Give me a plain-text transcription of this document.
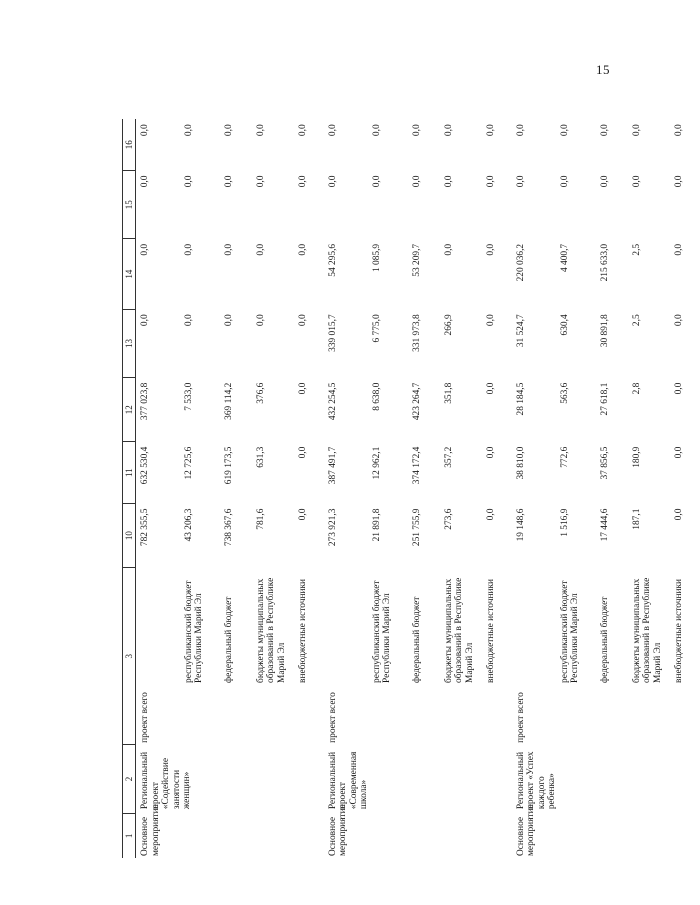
15
1	2	3		10	11	12	13	14	15	16
Основное мероприятие	Региональный проект «Содействие занятости женщин»	проект всего		782 355,5	632 530,4	377 023,8	0,0	0,0	0,0	0,0
			республиканский бюджет Республики Марий Эл	43 206,3	12 725,6	7 533,0	0,0	0,0	0,0	0,0
			федеральный бюджет	738 367,6	619 173,5	369 114,2	0,0	0,0	0,0	0,0
			бюджеты муниципальных образований в Республике Марий Эл	781,6	631,3	376,6	0,0	0,0	0,0	0,0
			внебюджетные источники	0,0	0,0	0,0	0,0	0,0	0,0	0,0
Основное мероприятие	Региональный проект «Современная школа»	проект всего		273 921,3	387 491,7	432 254,5	339 015,7	54 295,6	0,0	0,0
			республиканский бюджет Республики Марий Эл	21 891,8	12 962,1	8 638,0	6 775,0	1 085,9	0,0	0,0
			федеральный бюджет	251 755,9	374 172,4	423 264,7	331 973,8	53 209,7	0,0	0,0
			бюджеты муниципальных образований в Республике Марий Эл	273,6	357,2	351,8	266,9	0,0	0,0	0,0
			внебюджетные источники	0,0	0,0	0,0	0,0	0,0	0,0	0,0
Основное мероприятие	Региональный проект «Успех каждого ребенка»	проект всего		19 148,6	38 810,0	28 184,5	31 524,7	220 036,2	0,0	0,0
			республиканский бюджет Республики Марий Эл	1 516,9	772,6	563,6	630,4	4 400,7	0,0	0,0
			федеральный бюджет	17 444,6	37 856,5	27 618,1	30 891,8	215 633,0	0,0	0,0
			бюджеты муниципальных образований в Республике Марий Эл	187,1	180,9	2,8	2,5	2,5	0,0	0,0
			внебюджетные источники	0,0	0,0	0,0	0,0	0,0	0,0	0,0
